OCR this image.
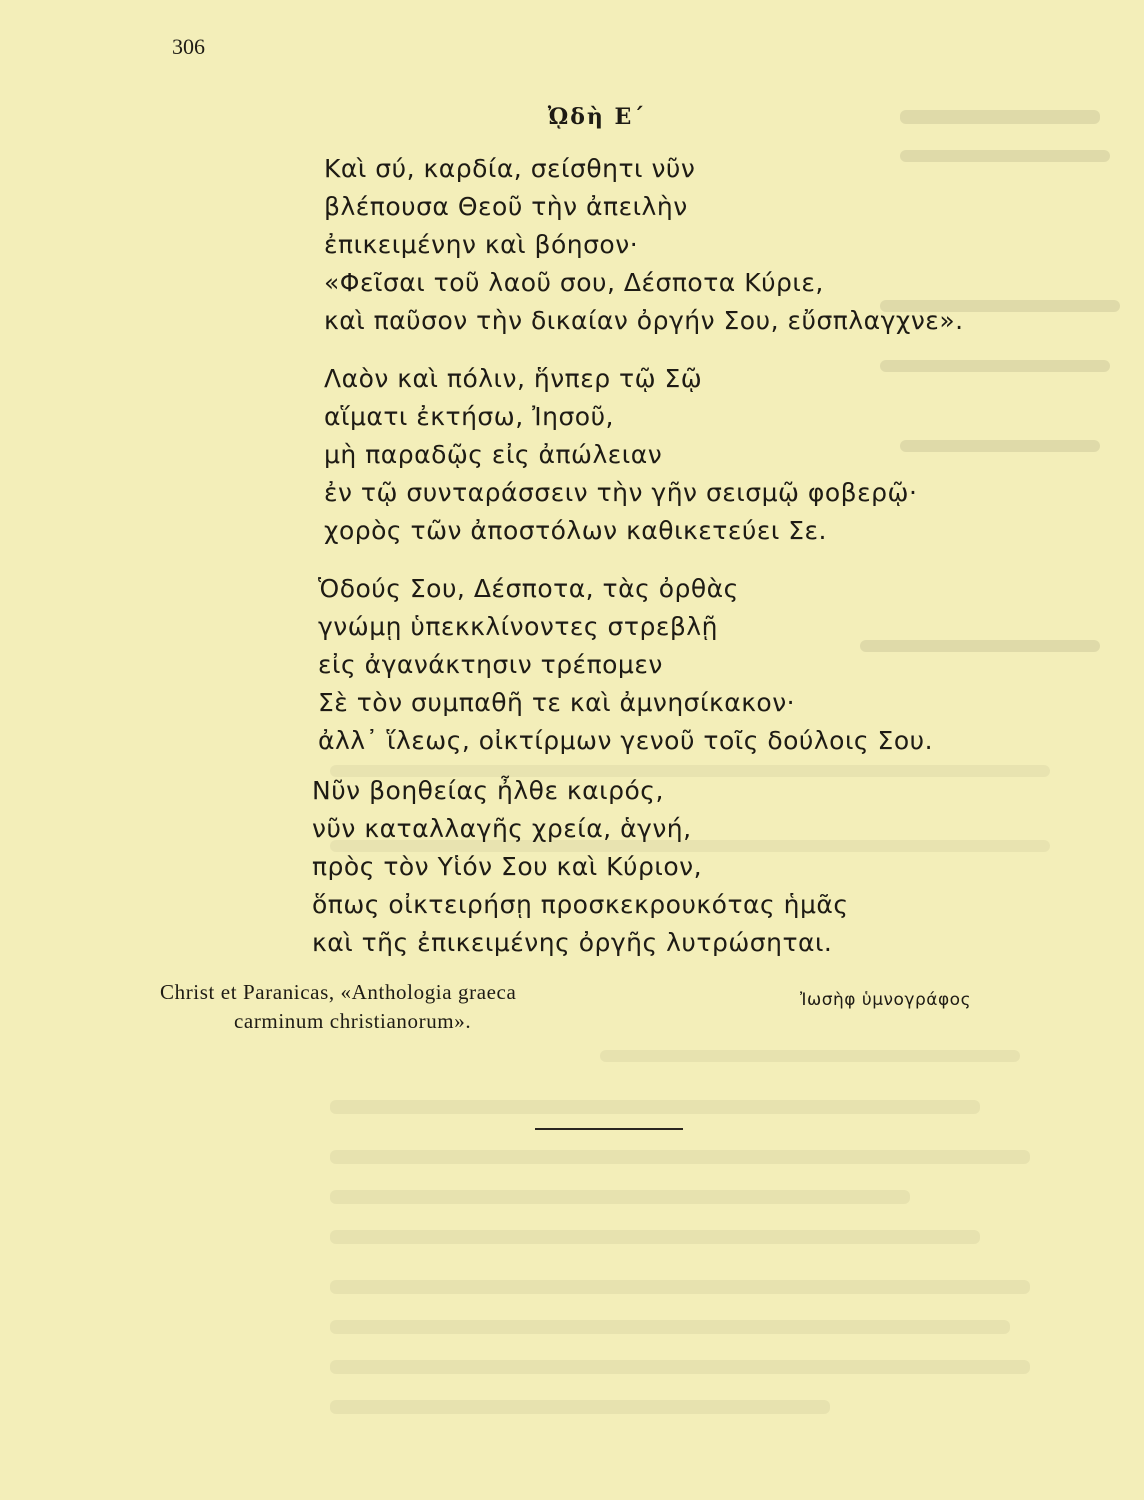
306
ᾨδὴ Ε΄
Καὶ σύ, καρδία, σείσθητι νῦν
βλέπουσα Θεοῦ τὴν ἀπειλὴν
ἐπικειμένην καὶ βόησον·
«Φεῖσαι τοῦ λαοῦ σου, Δέσποτα Κύριε,
καὶ παῦσον τὴν δικαίαν ὀργήν Σου, εὔσπλαγχνε».
Λαὸν καὶ πόλιν, ἥνπερ τῷ Σῷ
αἵματι ἐκτήσω, Ἰησοῦ,
μὴ παραδῷς εἰς ἀπώλειαν
ἐν τῷ συνταράσσειν τὴν γῆν σεισμῷ φοβερῷ·
χορὸς τῶν ἀποστόλων καθικετεύει Σε.
Ὁδούς Σου, Δέσποτα, τὰς ὀρθὰς
γνώμῃ ὑπεκκλίνοντες στρεβλῇ
εἰς ἀγανάκτησιν τρέπομεν
Σὲ τὸν συμπαθῆ τε καὶ ἀμνησίκακον·
ἀλλ᾽ ἵλεως, οἰκτίρμων γενοῦ τοῖς δούλοις Σου.
Νῦν βοηθείας ἦλθε καιρός,
νῦν καταλλαγῆς χρεία, ἁγνή,
πρὸς τὸν Υἱόν Σου καὶ Κύριον,
ὅπως οἰκτειρήσῃ προσκεκρουκότας ἡμᾶς
καὶ τῆς ἐπικειμένης ὀργῆς λυτρώσηται.
Christ et Paranicas, «Anthologia graeca
carminum christianorum».
Ἰωσὴφ ὑμνογράφος
